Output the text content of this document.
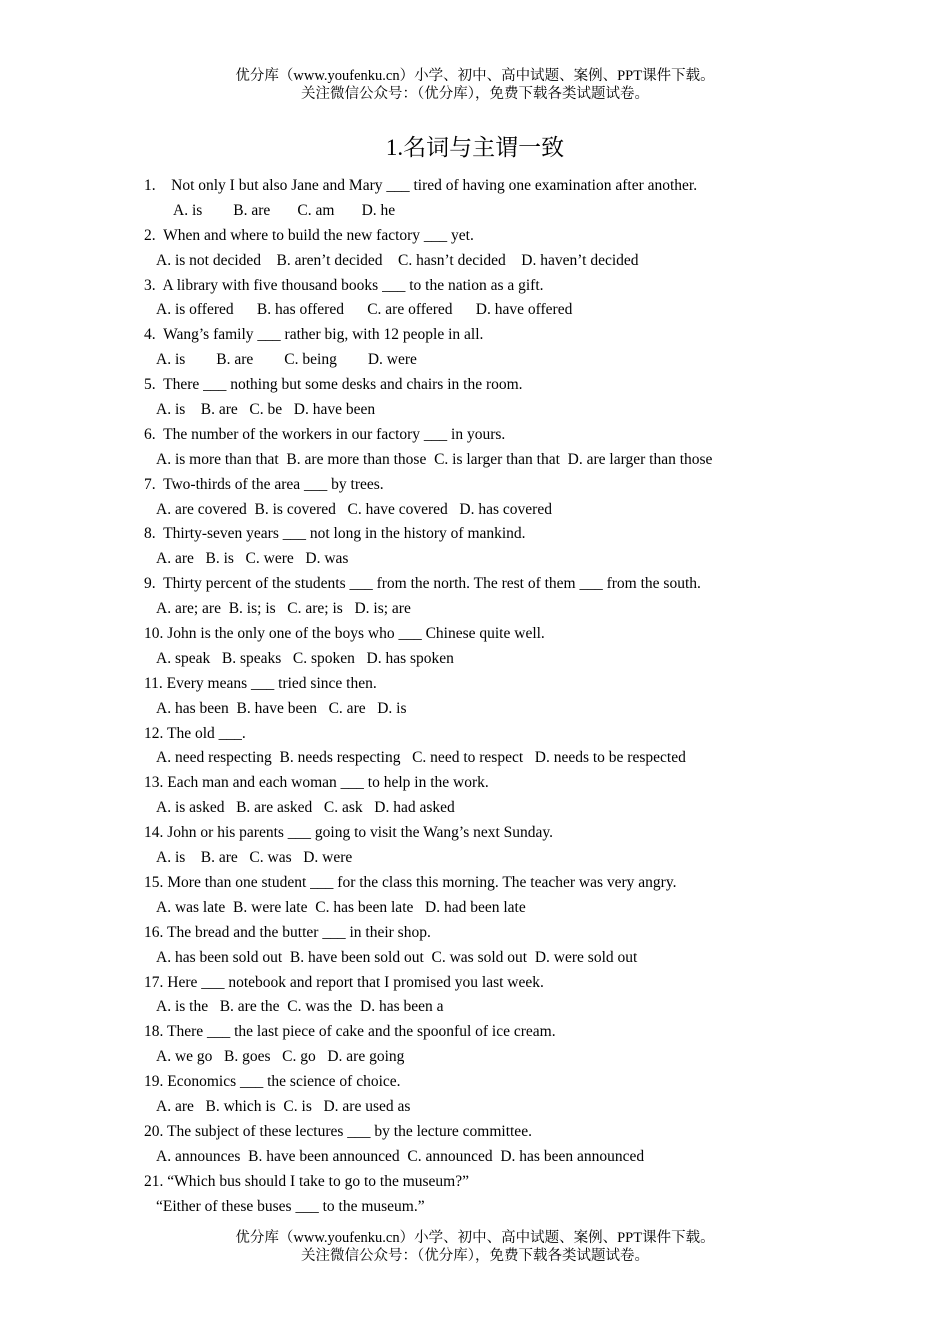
优分库（www.youfenku.cn）小学、初中、高中试题、案例、PPT课件下载。
关注微信公众号：（优分库），免费下载各类试题试卷。
1.名词与主谓一致
1.    Not only I but also Jane and Mary ___ tired of having one examination after another.
A. is        B. are       C. am       D. he
2.  When and where to build the new factory ___ yet.
A. is not decided    B. aren’t decided    C. hasn’t decided    D. haven’t decided
3.  A library with five thousand books ___ to the nation as a gift.
A. is offered      B. has offered      C. are offered      D. have offered
4.  Wang’s family ___ rather big, with 12 people in all.
A. is        B. are        C. being        D. were
5.  There ___ nothing but some desks and chairs in the room.
A. is    B. are   C. be   D. have been
6.  The number of the workers in our factory ___ in yours.
A. is more than that  B. are more than those  C. is larger than that  D. are larger than those
7.  Two-thirds of the area ___ by trees.
A. are covered  B. is covered   C. have covered   D. has covered
8.  Thirty-seven years ___ not long in the history of mankind.
A. are   B. is   C. were   D. was
9.  Thirty percent of the students ___ from the north. The rest of them ___ from the south.
A. are; are  B. is; is   C. are; is   D. is; are
10. John is the only one of the boys who ___ Chinese quite well.
A. speak   B. speaks   C. spoken   D. has spoken
11. Every means ___ tried since then.
A. has been  B. have been   C. are   D. is
12. The old ___.
A. need respecting  B. needs respecting   C. need to respect   D. needs to be respected
13. Each man and each woman ___ to help in the work.
A. is asked   B. are asked   C. ask   D. had asked
14. John or his parents ___ going to visit the Wang’s next Sunday.
A. is    B. are   C. was   D. were
15. More than one student ___ for the class this morning. The teacher was very angry.
A. was late  B. were late  C. has been late   D. had been late
16. The bread and the butter ___ in their shop.
A. has been sold out  B. have been sold out  C. was sold out  D. were sold out
17. Here ___ notebook and report that I promised you last week.
A. is the   B. are the  C. was the  D. has been a
18. There ___ the last piece of cake and the spoonful of ice cream.
A. we go   B. goes   C. go   D. are going
19. Economics ___ the science of choice.
A. are   B. which is  C. is   D. are used as
20. The subject of these lectures ___ by the lecture committee.
A. announces  B. have been announced  C. announced  D. has been announced
21. “Which bus should I take to go to the museum?”
“Either of these buses ___ to the museum.”
优分库（www.youfenku.cn）小学、初中、高中试题、案例、PPT课件下载。
关注微信公众号：（优分库），免费下载各类试题试卷。
